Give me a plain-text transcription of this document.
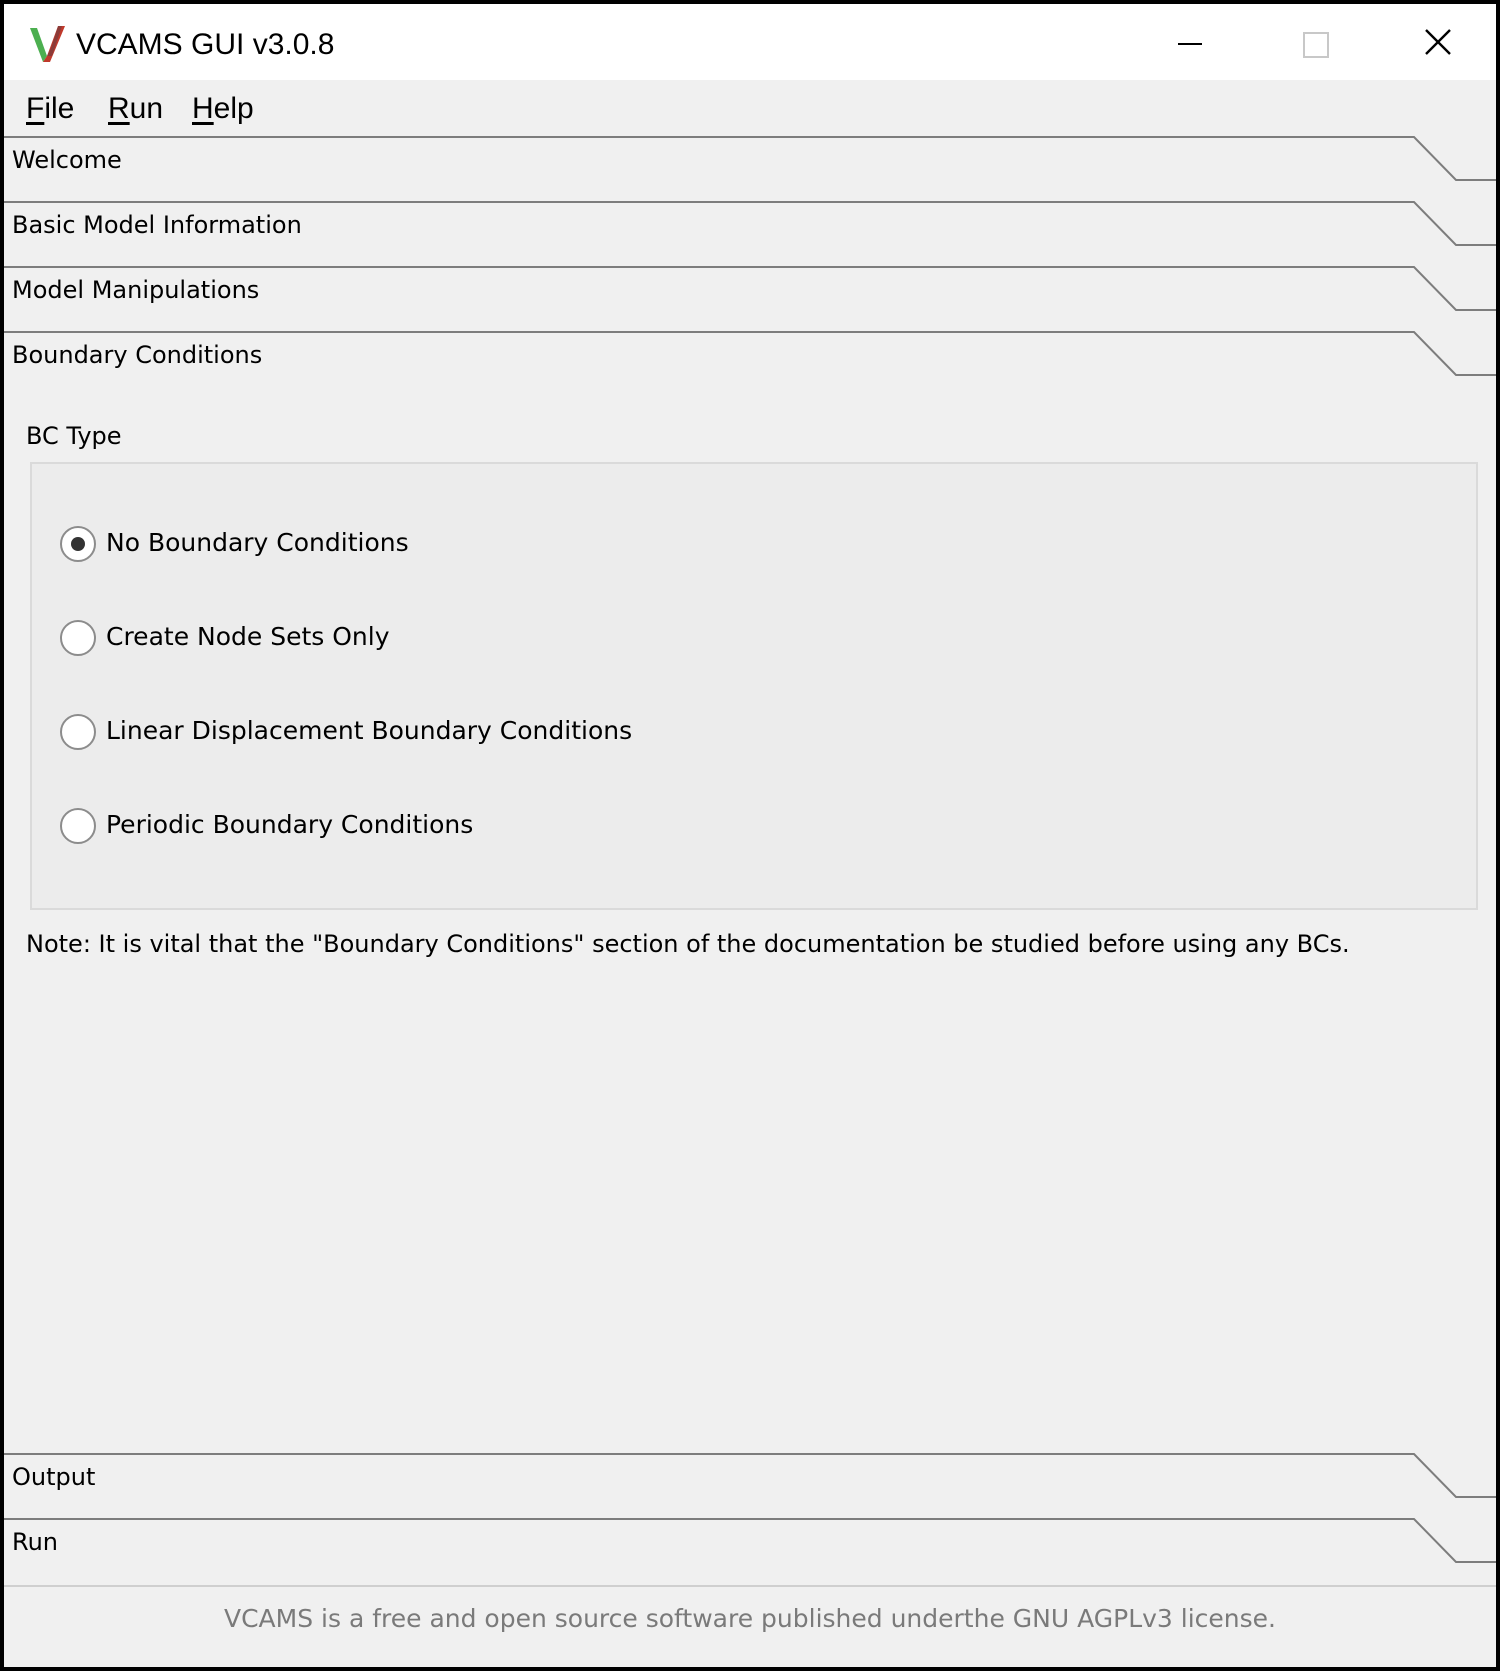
VCAMS GUI v3.0.8
File Run Help
Welcome
Basic Model Information
Model Manipulations
Boundary Conditions
BC Type
No Boundary Conditions
Create Node Sets Only
Linear Displacement Boundary Conditions
Periodic Boundary Conditions
Note: It is vital that the "Boundary Conditions" section of the documentation be studied before using any BCs.
Output
Run
VCAMS is a free and open source software published underthe GNU AGPLv3 license.
